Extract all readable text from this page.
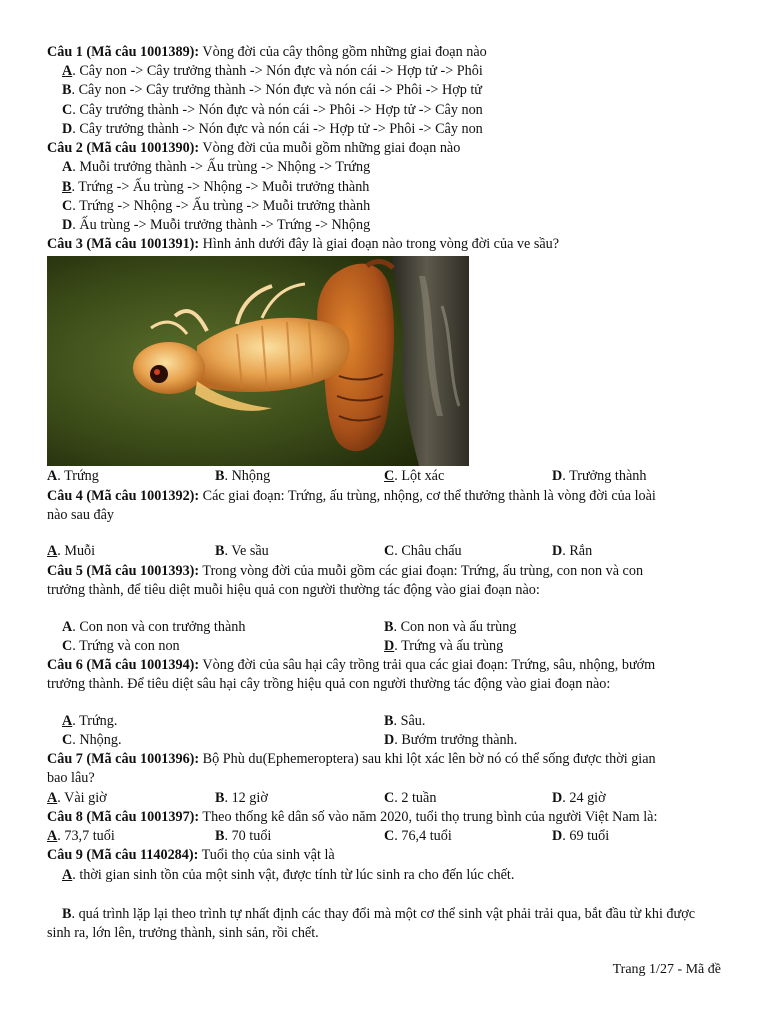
Câu 1 (Mã câu 1001389): Vòng đời của cây thông gồm những giai đoạn nào
A. Cây non -> Cây trưởng thành -> Nón đực và nón cái -> Hợp tử -> Phôi
B. Cây non -> Cây trưởng thành -> Nón đực và nón cái -> Phôi -> Hợp tử
C. Cây trưởng thành -> Nón đực và nón cái -> Phôi -> Hợp tử -> Cây non
D. Cây trưởng thành -> Nón đực và nón cái -> Hợp tử -> Phôi -> Cây non
Câu 2 (Mã câu 1001390): Vòng đời của muỗi gồm những giai đoạn nào
A. Muỗi trưởng thành -> Ấu trùng -> Nhộng -> Trứng
B. Trứng -> Ấu trùng -> Nhộng -> Muỗi trưởng thành
C. Trứng -> Nhộng -> Ấu trùng -> Muỗi trưởng thành
D. Ấu trùng -> Muỗi trưởng thành -> Trứng -> Nhộng
Câu 3 (Mã câu 1001391): Hình ảnh dưới đây là giai đoạn nào trong vòng đời của ve sầu?
A. Trứng	B. Nhộng	C. Lột xác	D. Trưởng thành
Câu 4 (Mã câu 1001392): Các giai đoạn: Trứng, ấu trùng, nhộng, cơ thể thưởng thành là vòng đời của loài
nào sau đây
A. Muỗi	B. Ve sầu	C. Châu chấu	D. Rắn
Câu 5 (Mã câu 1001393): Trong vòng đời của muỗi gồm các giai đoạn: Trứng, ấu trùng, con non và con
trưởng thành, để tiêu diệt muỗi hiệu quả con người thường tác động vào giai đoạn nào:
A. Con non và con trưởng thành	B. Con non và ấu trùng
C. Trứng và con non	D. Trứng và ấu trùng
Câu 6 (Mã câu 1001394): Vòng đời của sâu hại cây trồng trải qua các giai đoạn: Trứng, sâu, nhộng, bướm
trưởng thành. Để tiêu diệt sâu hại cây trồng hiệu quả con người thường tác động vào giai đoạn nào:
A. Trứng.	B. Sâu.
C. Nhộng.	D. Bướm trưởng thành.
Câu 7 (Mã câu 1001396): Bộ Phù du(Ephemeroptera) sau khi lột xác lên bờ nó có thể sống được thời gian
bao lâu?
A. Vài giờ	B. 12 giờ	C. 2 tuần	D. 24 giờ
Câu 8 (Mã câu 1001397): Theo thống kê dân số vào năm 2020, tuổi thọ trung bình của người Việt Nam là:
A. 73,7 tuổi	B. 70 tuổi	C. 76,4 tuổi	D. 69 tuổi
Câu 9 (Mã câu 1140284): Tuổi thọ của sinh vật là
A. thời gian sinh tồn của một sinh vật, được tính từ lúc sinh ra cho đến lúc chết.
B. quá trình lặp lại theo trình tự nhất định các thay đổi mà một cơ thể sinh vật phải trải qua, bắt đầu từ khi được sinh ra, lớn lên, trưởng thành, sinh sản, rồi chết.
Trang 1/27 - Mã đề
